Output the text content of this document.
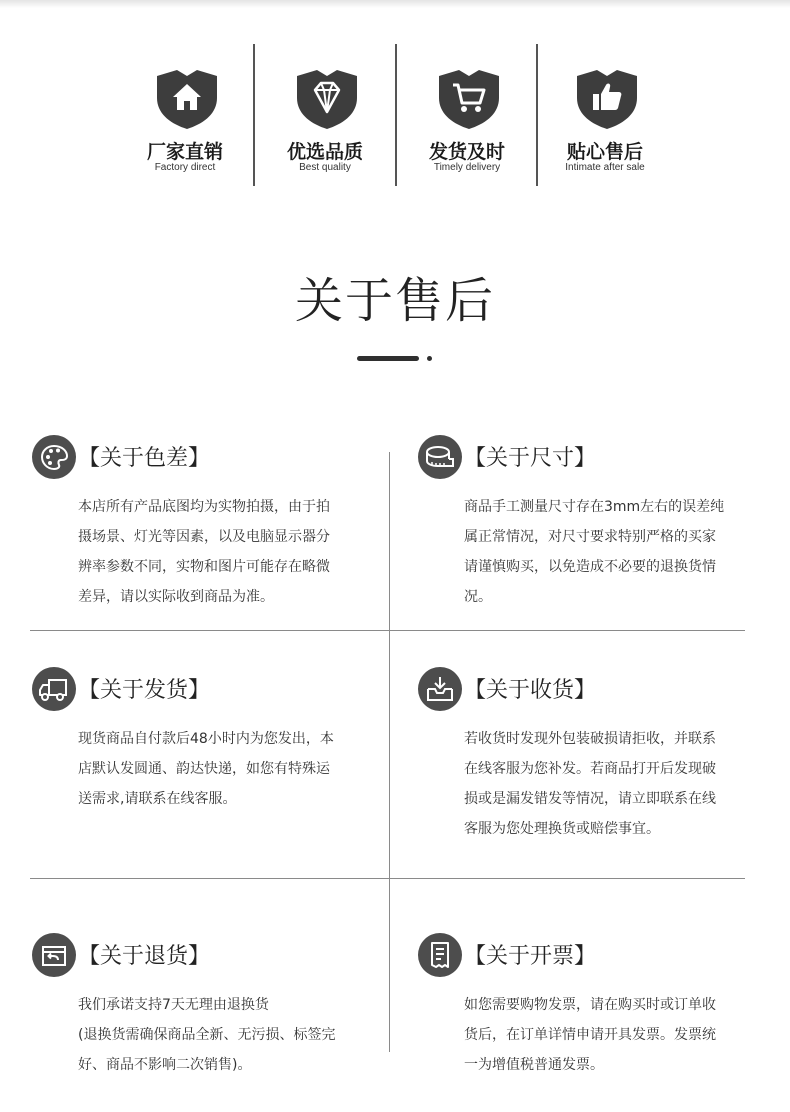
厂家直销
Factory direct
优选品质
Best quality
发货及时
Timely delivery
贴心售后
Intimate after sale
关于售后
【关于色差】

本店所有产品底图均为实物拍摄，由于拍

摄场景、灯光等因素，以及电脑显示器分

辨率参数不同，实物和图片可能存在略微

差异，请以实际收到商品为准。

【关于尺寸】

商品手工测量尺寸存在3mm左右的误差纯

属正常情况，对尺寸要求特别严格的买家

请谨慎购买，以免造成不必要的退换货情

况。

【关于发货】

现货商品自付款后48小时内为您发出，本

店默认发圆通、韵达快递，如您有特殊运

送需求,请联系在线客服。

【关于收货】

若收货时发现外包装破损请拒收，并联系

在线客服为您补发。若商品打开后发现破

损或是漏发错发等情况，请立即联系在线

客服为您处理换货或赔偿事宜。

【关于退货】

我们承诺支持7天无理由退换货

(退换货需确保商品全新、无污损、标签完

好、商品不影响二次销售)。

【关于开票】

如您需要购物发票，请在购买时或订单收

货后，在订单详情申请开具发票。发票统

一为增值税普通发票。
